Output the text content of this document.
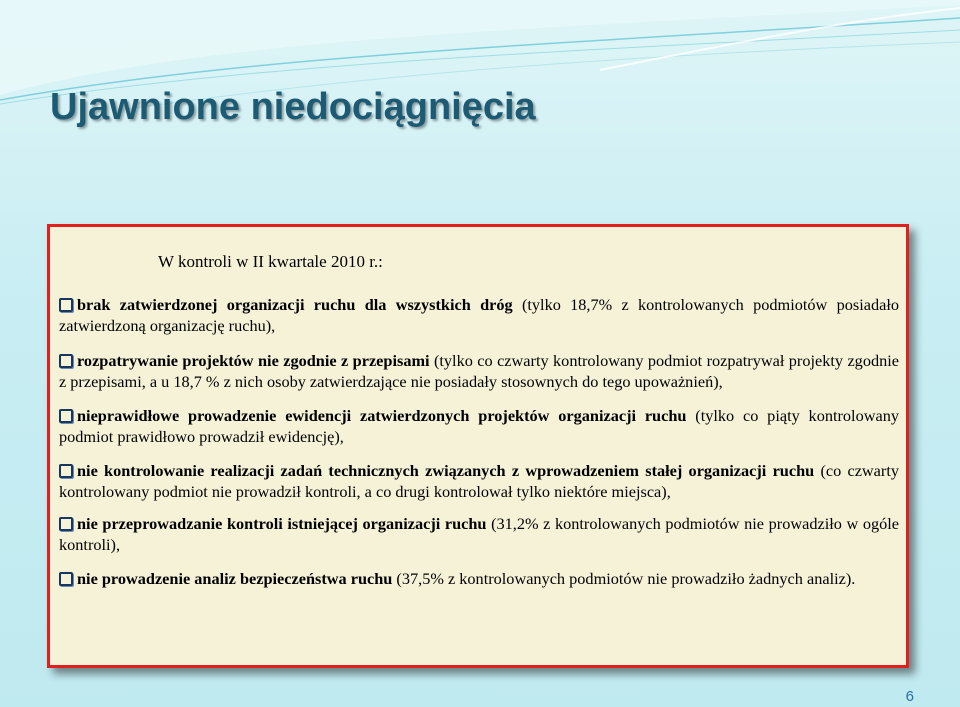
Ujawnione niedociągnięcia
W kontroli w II kwartale 2010 r.:

brak zatwierdzonej organizacji ruchu dla wszystkich dróg (tylko 18,7% z kontrolowanych podmiotów posiadało zatwierdzoną organizację ruchu),

rozpatrywanie projektów nie zgodnie z przepisami (tylko co czwarty kontrolowany podmiot rozpatrywał projekty zgodnie z przepisami, a u 18,7 % z nich osoby zatwierdzające nie posiadały stosownych do tego upoważnień),

nieprawidłowe prowadzenie ewidencji zatwierdzonych projektów organizacji ruchu (tylko co piąty kontrolowany podmiot prawidłowo prowadził ewidencję),

nie kontrolowanie realizacji zadań technicznych związanych z wprowadzeniem stałej organizacji ruchu (co czwarty kontrolowany podmiot nie prowadził kontroli, a co drugi kontrolował tylko niektóre miejsca),

nie przeprowadzanie kontroli istniejącej organizacji ruchu (31,2% z kontrolowanych podmiotów nie prowadziło w ogóle kontroli),

nie prowadzenie analiz bezpieczeństwa ruchu (37,5% z kontrolowanych podmiotów nie prowadziło żadnych analiz).

6
